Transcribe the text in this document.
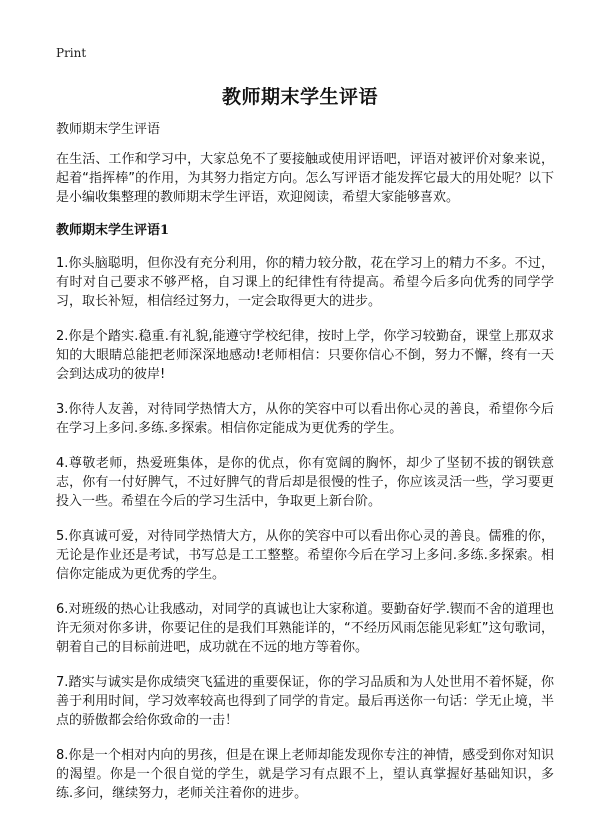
Print
教师期末学生评语

教师期末学生评语

在生活、工作和学习中，大家总免不了要接触或使用评语吧，评语对被评价对象来说，起着“指挥棒”的作用，为其努力指定方向。怎么写评语才能发挥它最大的用处呢？以下是小编收集整理的教师期末学生评语，欢迎阅读，希望大家能够喜欢。

教师期末学生评语1

1.你头脑聪明，但你没有充分利用，你的精力较分散，花在学习上的精力不多。不过，有时对自己要求不够严格，自习课上的纪律性有待提高。希望今后多向优秀的同学学习，取长补短，相信经过努力，一定会取得更大的进步。

2.你是个踏实.稳重.有礼貌,能遵守学校纪律，按时上学，你学习较勤奋，课堂上那双求知的大眼睛总能把老师深深地感动!老师相信：只要你信心不倒，努力不懈，终有一天会到达成功的彼岸!

3.你待人友善，对待同学热情大方，从你的笑容中可以看出你心灵的善良，希望你今后在学习上多问.多练.多探索。相信你定能成为更优秀的学生。

4.尊敬老师，热爱班集体，是你的优点，你有宽阔的胸怀，却少了坚韧不拔的钢铁意志，你有一付好脾气，不过好脾气的背后却是很慢的性子，你应该灵活一些，学习要更投入一些。希望在今后的学习生活中，争取更上新台阶。

5.你真诚可爱，对待同学热情大方，从你的笑容中可以看出你心灵的善良。儒雅的你，无论是作业还是考试，书写总是工工整整。希望你今后在学习上多问.多练.多探索。相信你定能成为更优秀的学生。

6.对班级的热心让我感动，对同学的真诚也让大家称道。要勤奋好学.锲而不舍的道理也许无须对你多讲，你要记住的是我们耳熟能详的，“不经历风雨怎能见彩虹”这句歌词，朝着自己的目标前进吧，成功就在不远的地方等着你。

7.踏实与诚实是你成绩突飞猛进的重要保证，你的学习品质和为人处世用不着怀疑，你善于利用时间，学习效率较高也得到了同学的肯定。最后再送你一句话：学无止境，半点的骄傲都会给你致命的一击！

8.你是一个相对内向的男孩，但是在课上老师却能发现你专注的神情，感受到你对知识的渴望。你是一个很自觉的学生，就是学习有点跟不上，望认真掌握好基础知识，多练.多问，继续努力，老师关注着你的进步。
